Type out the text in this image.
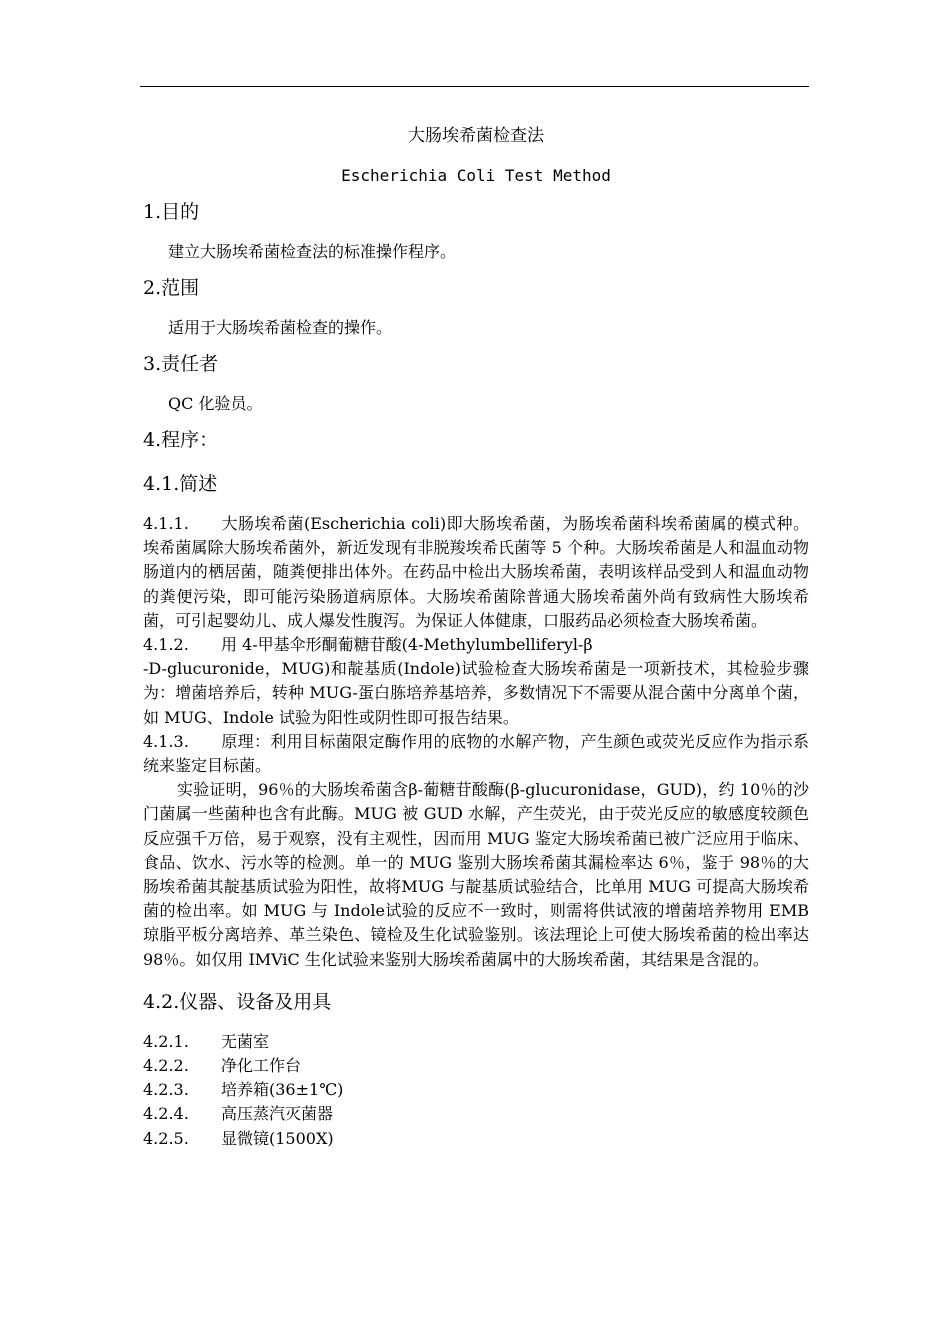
大肠埃希菌检查法
Escherichia Coli Test Method
1.目的
建立大肠埃希菌检查法的标准操作程序。
2.范围
适用于大肠埃希菌检查的操作。
3.责任者
QC 化验员。
4.程序：
4.1.简述
4.1.1. 大肠埃希菌(Escherichia coli)即大肠埃希菌，为肠埃希菌科埃希菌属的模式种。埃希菌属除大肠埃希菌外，新近发现有非脱羧埃希氏菌等 5 个种。大肠埃希菌是人和温血动物肠道内的栖居菌，随粪便排出体外。在药品中检出大肠埃希菌，表明该样品受到人和温血动物的粪便污染，即可能污染肠道病原体。大肠埃希菌除普通大肠埃希菌外尚有致病性大肠埃希菌，可引起婴幼儿、成人爆发性腹泻。为保证人体健康，口服药品必须检查大肠埃希菌。
4.1.2. 用 4-甲基伞形酮葡糖苷酸(4-Methylumbelliferyl-β
-D-glucuronide，MUG)和靛基质(Indole)试验检查大肠埃希菌是一项新技术，其检验步骤为：增菌培养后，转种 MUG-蛋白胨培养基培养，多数情况下不需要从混合菌中分离单个菌，如 MUG、Indole 试验为阳性或阴性即可报告结果。
4.1.3. 原理：利用目标菌限定酶作用的底物的水解产物，产生颜色或荧光反应作为指示系统来鉴定目标菌。
实验证明，96％的大肠埃希菌含β-葡糖苷酸酶(β-glucuronidase，GUD)，约 10％的沙门菌属一些菌种也含有此酶。MUG 被 GUD 水解，产生荧光，由于荧光反应的敏感度较颜色反应强千万倍，易于观察，没有主观性，因而用 MUG 鉴定大肠埃希菌已被广泛应用于临床、食品、饮水、污水等的检测。单一的 MUG 鉴别大肠埃希菌其漏检率达 6％，鉴于 98％的大肠埃希菌其靛基质试验为阳性，故将MUG 与靛基质试验结合，比单用 MUG 可提高大肠埃希菌的检出率。如 MUG 与 Indole试验的反应不一致时，则需将供试液的增菌培养物用 EMB 琼脂平板分离培养、革兰染色、镜检及生化试验鉴别。该法理论上可使大肠埃希菌的检出率达98％。如仅用 IMViC 生化试验来鉴别大肠埃希菌属中的大肠埃希菌，其结果是含混的。
4.2.仪器、设备及用具
4.2.1. 无菌室
4.2.2. 净化工作台
4.2.3. 培养箱(36±1℃)
4.2.4. 高压蒸汽灭菌器
4.2.5. 显微镜(1500X)
